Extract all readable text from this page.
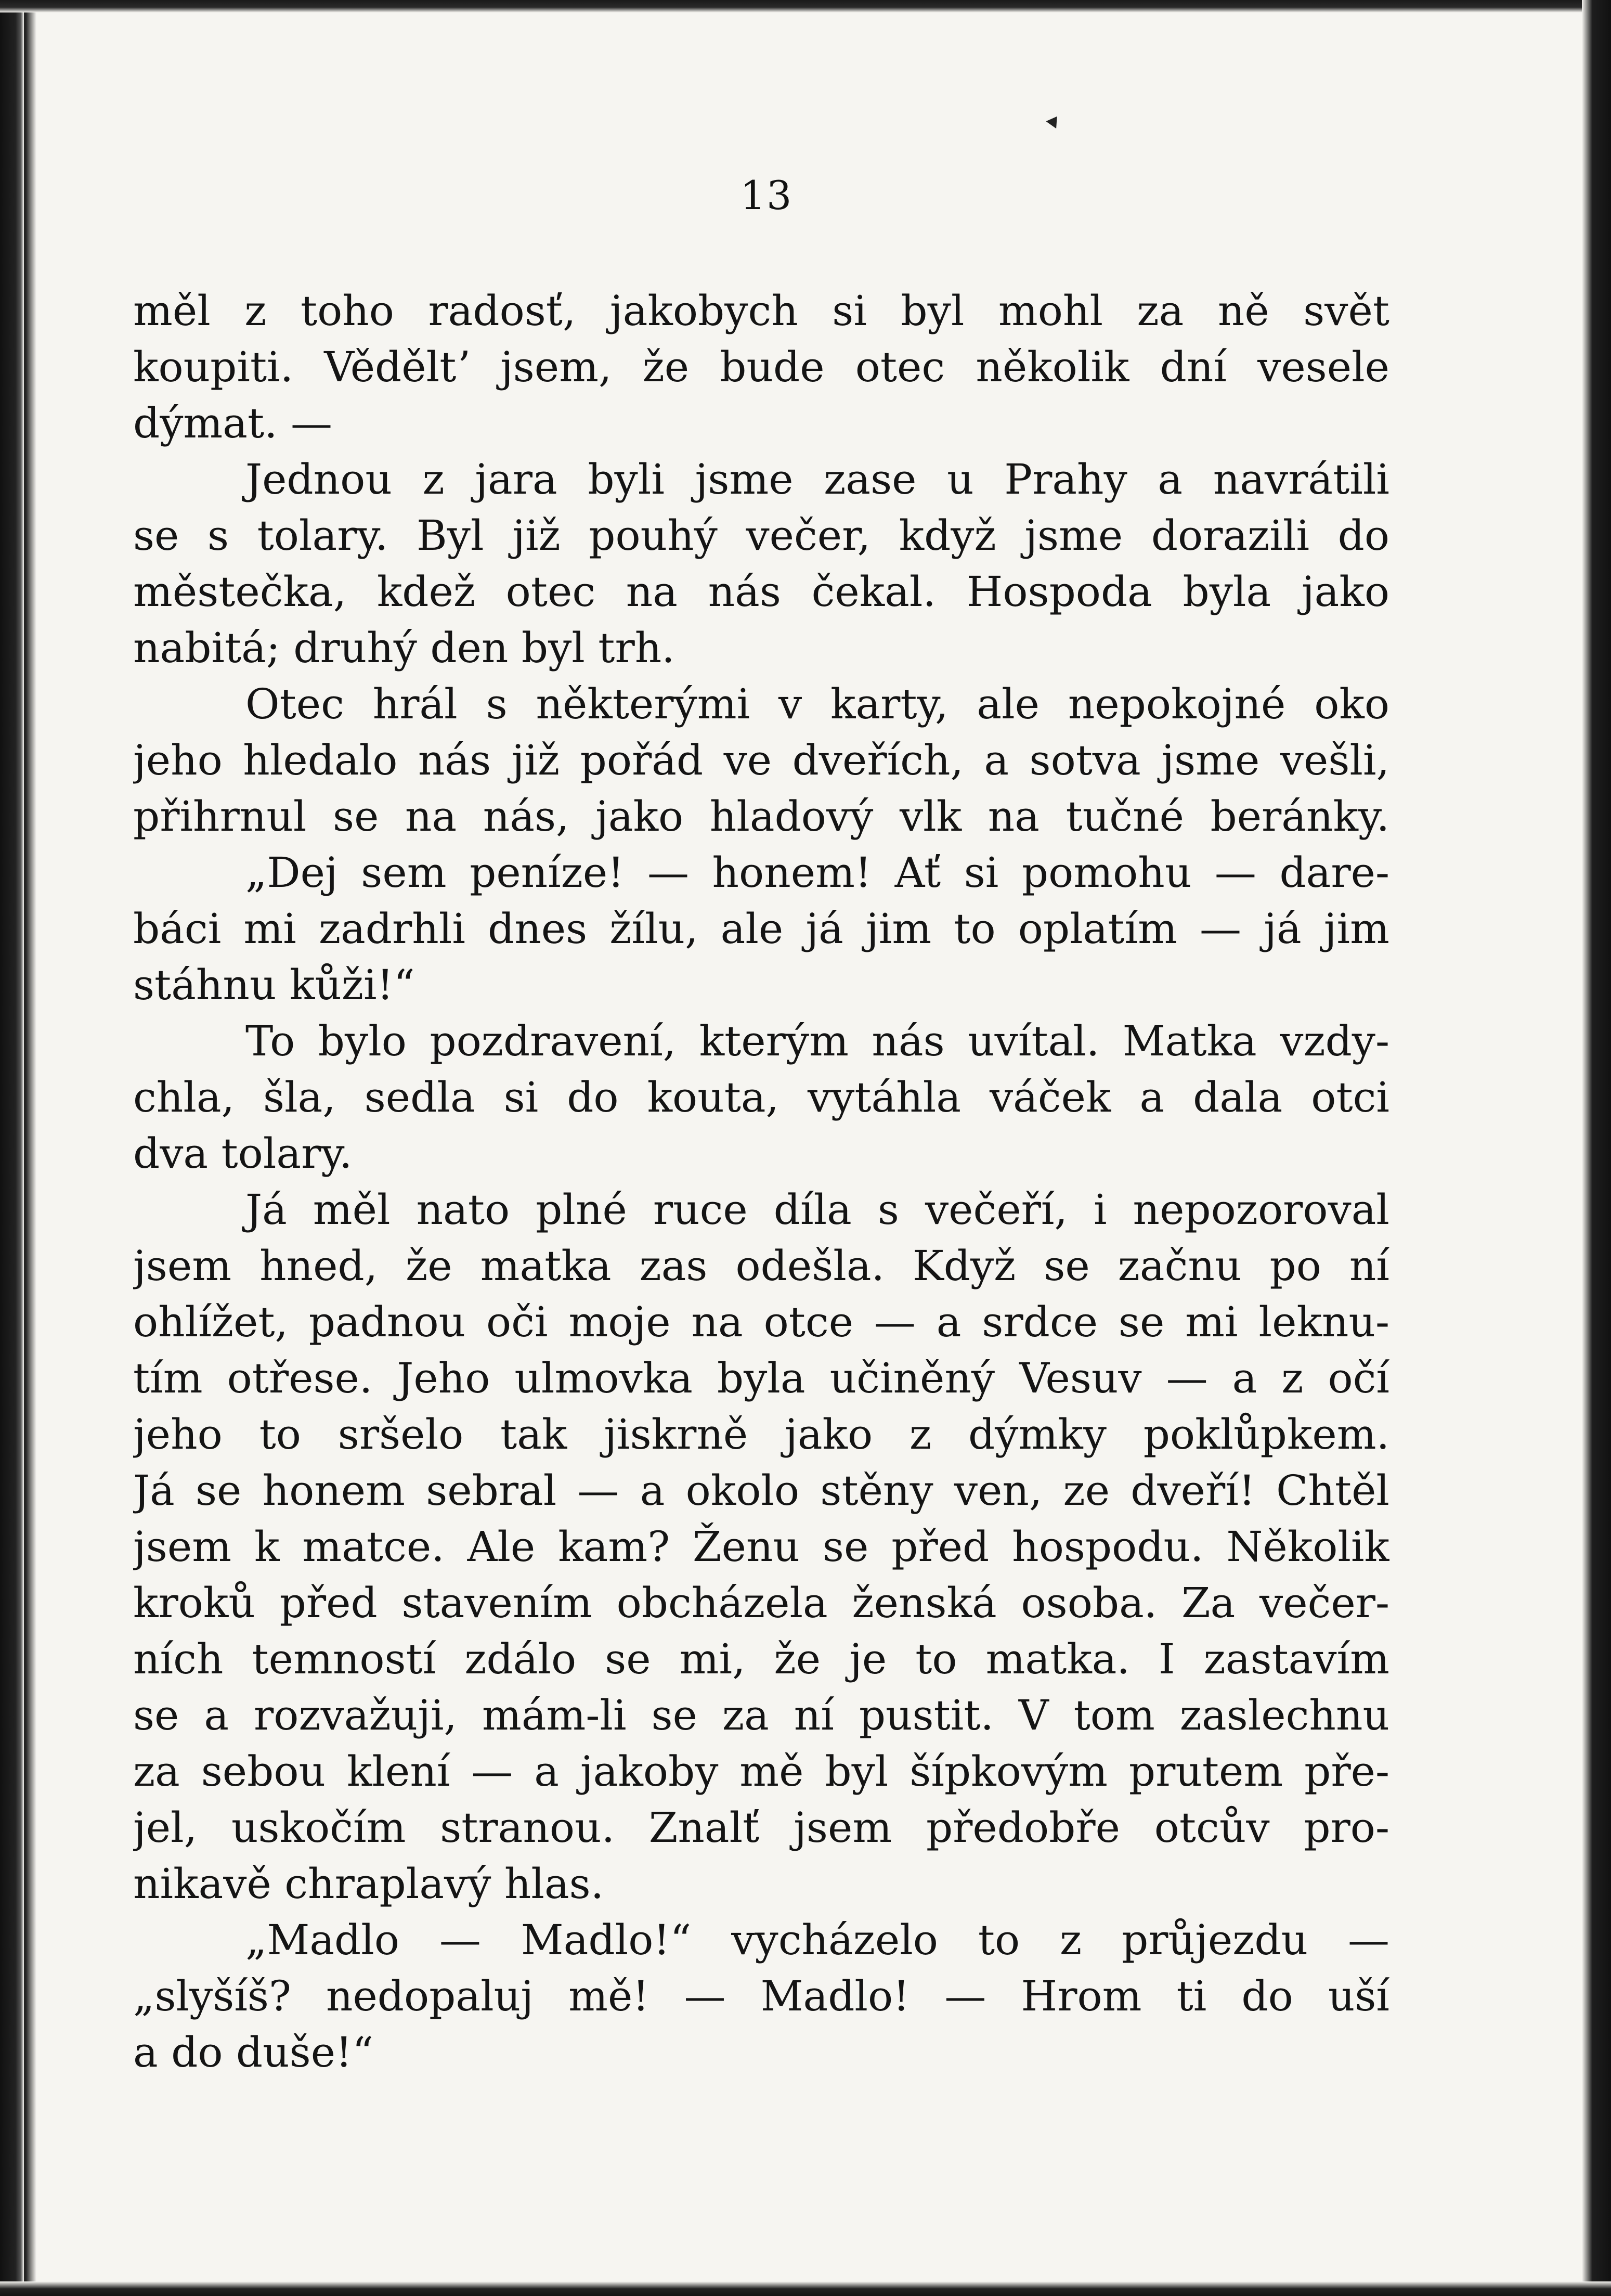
13
měl z toho radosť, jakobych si byl mohl za ně svět
koupiti. Věděltʼ jsem, že bude otec několik dní vesele
dýmat. —
Jednou z jara byli jsme zase u Prahy a navrátili
se s tolary. Byl již pouhý večer, když jsme dorazili do
městečka, kdež otec na nás čekal. Hospoda byla jako
nabitá; druhý den byl trh.
Otec hrál s některými v karty, ale nepokojné oko
jeho hledalo nás již pořád ve dveřích, a sotva jsme vešli,
přihrnul se na nás, jako hladový vlk na tučné beránky.
„Dej sem peníze! — honem! Ať si pomohu — dare-
báci mi zadrhli dnes žílu, ale já jim to oplatím — já jim
stáhnu kůži!“
To bylo pozdravení, kterým nás uvítal. Matka vzdy-
chla, šla, sedla si do kouta, vytáhla váček a dala otci
dva tolary.
Já měl nato plné ruce díla s večeří, i nepozoroval
jsem hned, že matka zas odešla. Když se začnu po ní
ohlížet, padnou oči moje na otce — a srdce se mi leknu-
tím otřese. Jeho ulmovka byla učiněný Vesuv — a z očí
jeho to sršelo tak jiskrně jako z dýmky poklůpkem.
Já se honem sebral — a okolo stěny ven, ze dveří! Chtěl
jsem k matce. Ale kam? Ženu se před hospodu. Několik
kroků před stavením obcházela ženská osoba. Za večer-
ních temností zdálo se mi, že je to matka. I zastavím
se a rozvažuji, mám-li se za ní pustit. V tom zaslechnu
za sebou klení — a jakoby mě byl šípkovým prutem pře-
jel, uskočím stranou. Znalť jsem předobře otcův pro-
nikavě chraplavý hlas.
„Madlo — Madlo!“ vycházelo to z průjezdu —
„slyšíš? nedopaluj mě! — Madlo! — Hrom ti do uší
a do duše!“
